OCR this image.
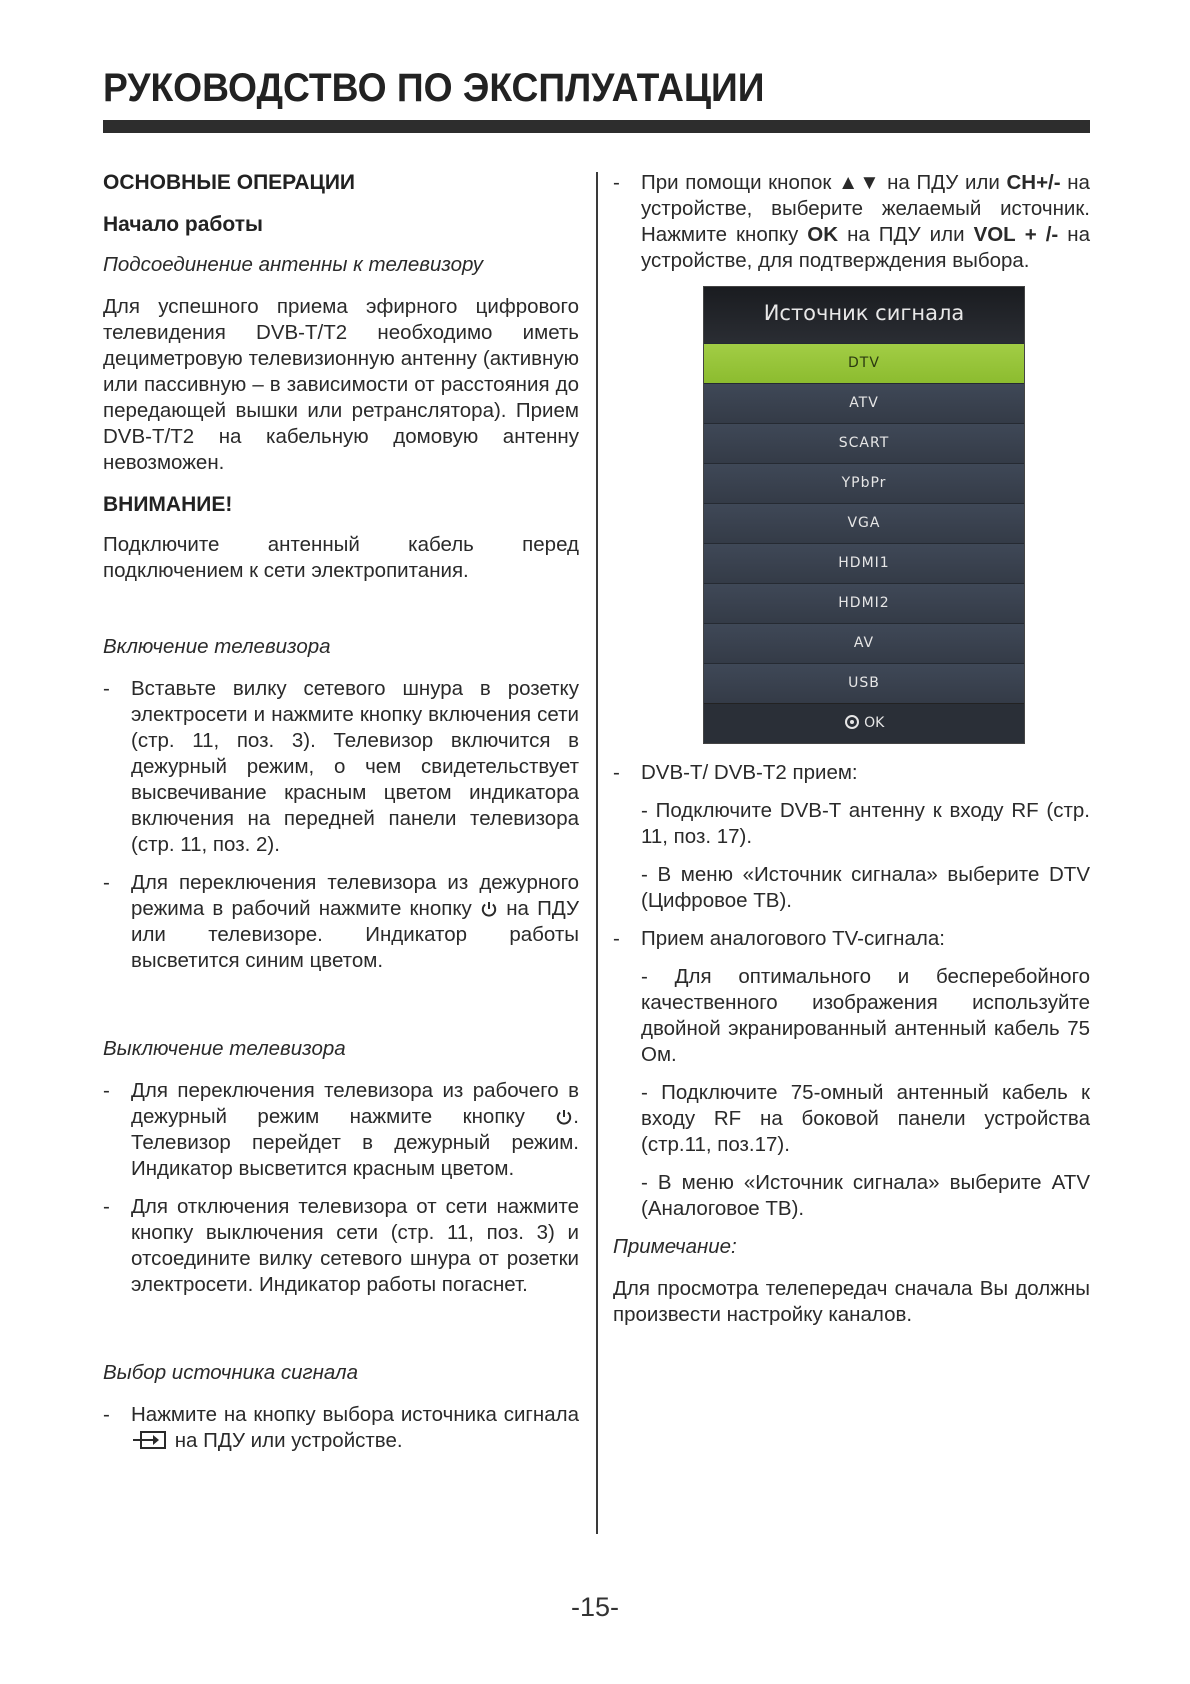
РУКОВОДСТВО ПО ЭКСПЛУАТАЦИИ
ОСНОВНЫЕ ОПЕРАЦИИ
Начало работы
Подсоединение антенны к телевизору

Для успешного приема эфирного цифрового телевидения DVB-T/T2 необходимо иметь дециметровую телевизионную антенну (активную или пассивную – в зависимости от расстояния до передающей вышки или ретранслятора). Прием DVB-T/T2 на кабельную домовую антенну невозможен.

ВНИМАНИЕ!

Подключите антенный кабель перед подключением к сети электропитания.

Включение телевизора
-	Вставьте вилку сетевого шнура в розетку электросети и нажмите кнопку включения сети (стр. 11, поз. 3). Телевизор включится в дежурный режим, о чем свидетельствует высвечивание красным цветом индикатора включения на передней панели телевизора (стр. 11, поз. 2).
-	Для переключения телевизора из дежурного режима в рабочий нажмите кнопку на ПДУ или телевизоре. Индикатор работы высветится синим цветом.
Выключение телевизора
-	Для переключения телевизора из рабочего в дежурный режим нажмите кнопку . Телевизор перейдет в дежурный режим. Индикатор высветится красным цветом.
-	Для отключения телевизора от сети нажмите кнопку выключения сети (стр. 11, поз. 3) и отсоедините вилку сетевого шнура от розетки электросети. Индикатор работы погаснет.
Выбор источника сигнала
-	Нажмите на кнопку выбора источника сигнала  на ПДУ или устройстве.
-	При помощи кнопок ▲▼ на ПДУ или CH+/- на устройстве, выберите желаемый источник. Нажмите кнопку OK на ПДУ или VOL + /- на устройстве, для подтверждения выбора.
Источник сигнала
DTV
ATV
SCART
YPbPr
VGA
HDMI1
HDMI2
AV
USB
OK
-	DVB-T/ DVB-T2 прием:

- Подключите DVB-T антенну к входу RF (стр. 11, поз. 17).

- В меню «Источник сигнала» выберите DTV (Цифровое ТВ).

-	Прием аналогового TV-сигнала:

- Для оптимального и бесперебойного качественного изображения используйте двойной экранированный антенный кабель 75 Ом.

- Подключите 75-омный антенный кабель к входу RF на боковой панели устройства (стр.11, поз.17).

- В меню «Источник сигнала» выберите ATV (Аналоговое ТВ).

Примечание:

Для просмотра телепередач сначала Вы должны произвести настройку каналов.

-15-
